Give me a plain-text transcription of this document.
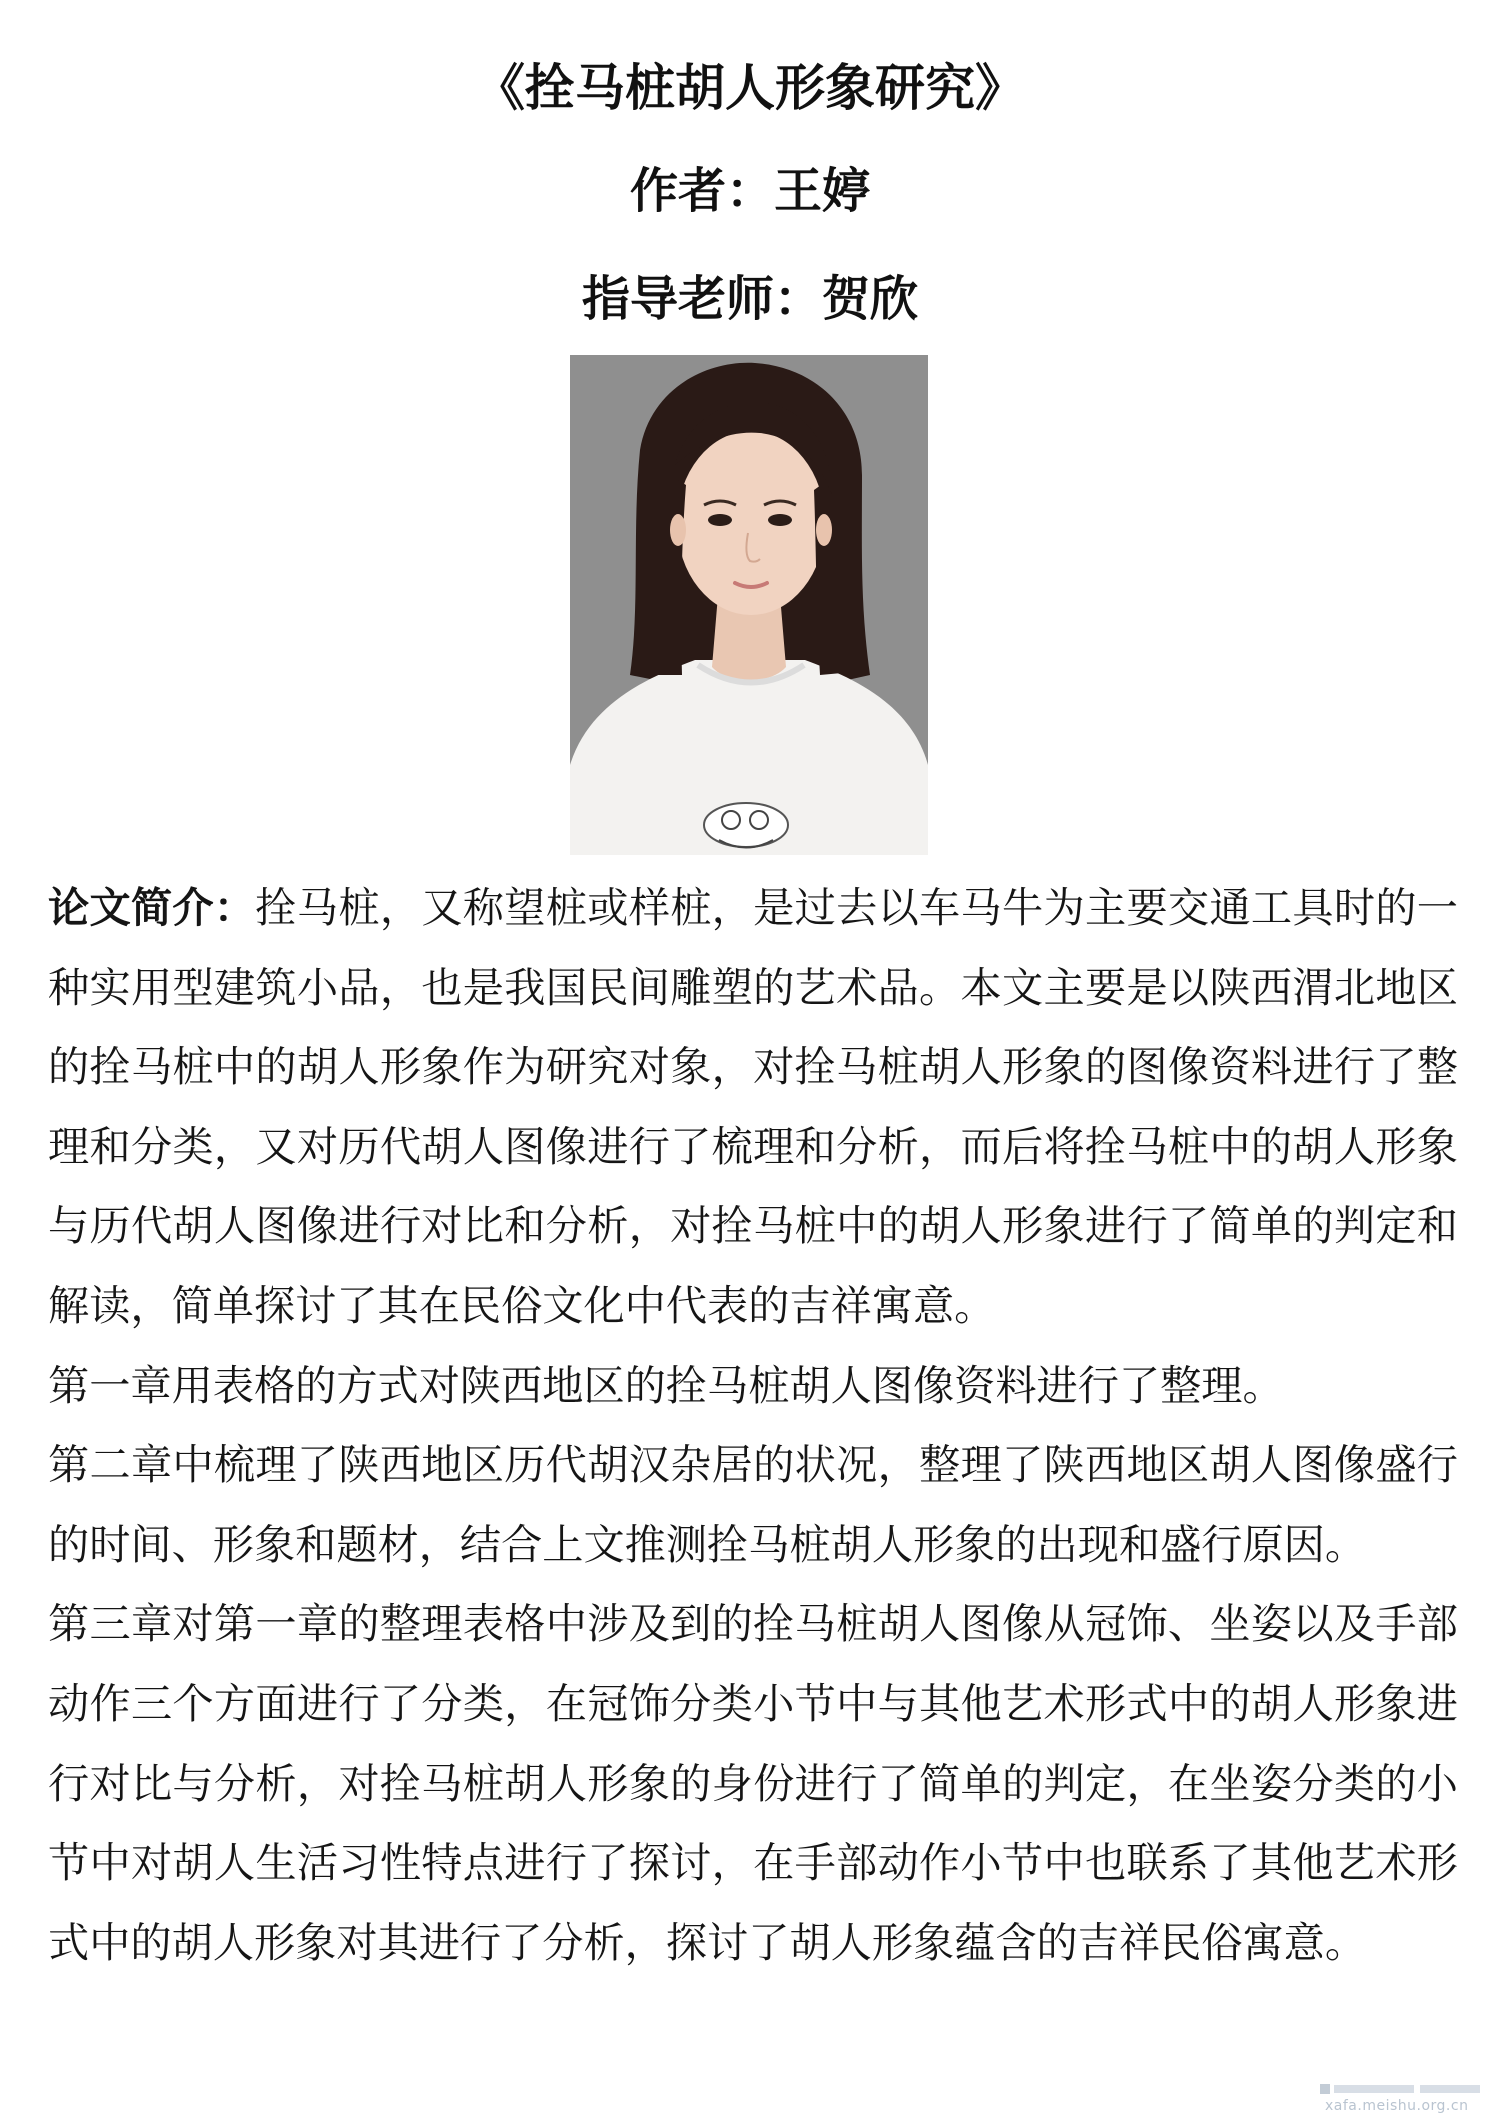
《拴马桩胡人形象研究》
作者：王婷
指导老师：贺欣

论文简介：拴马桩，又称望桩或样桩，是过去以车马牛为主要交通工具时的一种实用型建筑小品，也是我国民间雕塑的艺术品。本文主要是以陕西渭北地区的拴马桩中的胡人形象作为研究对象，对拴马桩胡人形象的图像资料进行了整理和分类，又对历代胡人图像进行了梳理和分析，而后将拴马桩中的胡人形象与历代胡人图像进行对比和分析，对拴马桩中的胡人形象进行了简单的判定和解读，简单探讨了其在民俗文化中代表的吉祥寓意。

第一章用表格的方式对陕西地区的拴马桩胡人图像资料进行了整理。

第二章中梳理了陕西地区历代胡汉杂居的状况，整理了陕西地区胡人图像盛行的时间、形象和题材，结合上文推测拴马桩胡人形象的出现和盛行原因。

第三章对第一章的整理表格中涉及到的拴马桩胡人图像从冠饰、坐姿以及手部动作三个方面进行了分类，在冠饰分类小节中与其他艺术形式中的胡人形象进行对比与分析，对拴马桩胡人形象的身份进行了简单的判定，在坐姿分类的小节中对胡人生活习性特点进行了探讨，在手部动作小节中也联系了其他艺术形式中的胡人形象对其进行了分析，探讨了胡人形象蕴含的吉祥民俗寓意。

xafa.meishu.org.cn
